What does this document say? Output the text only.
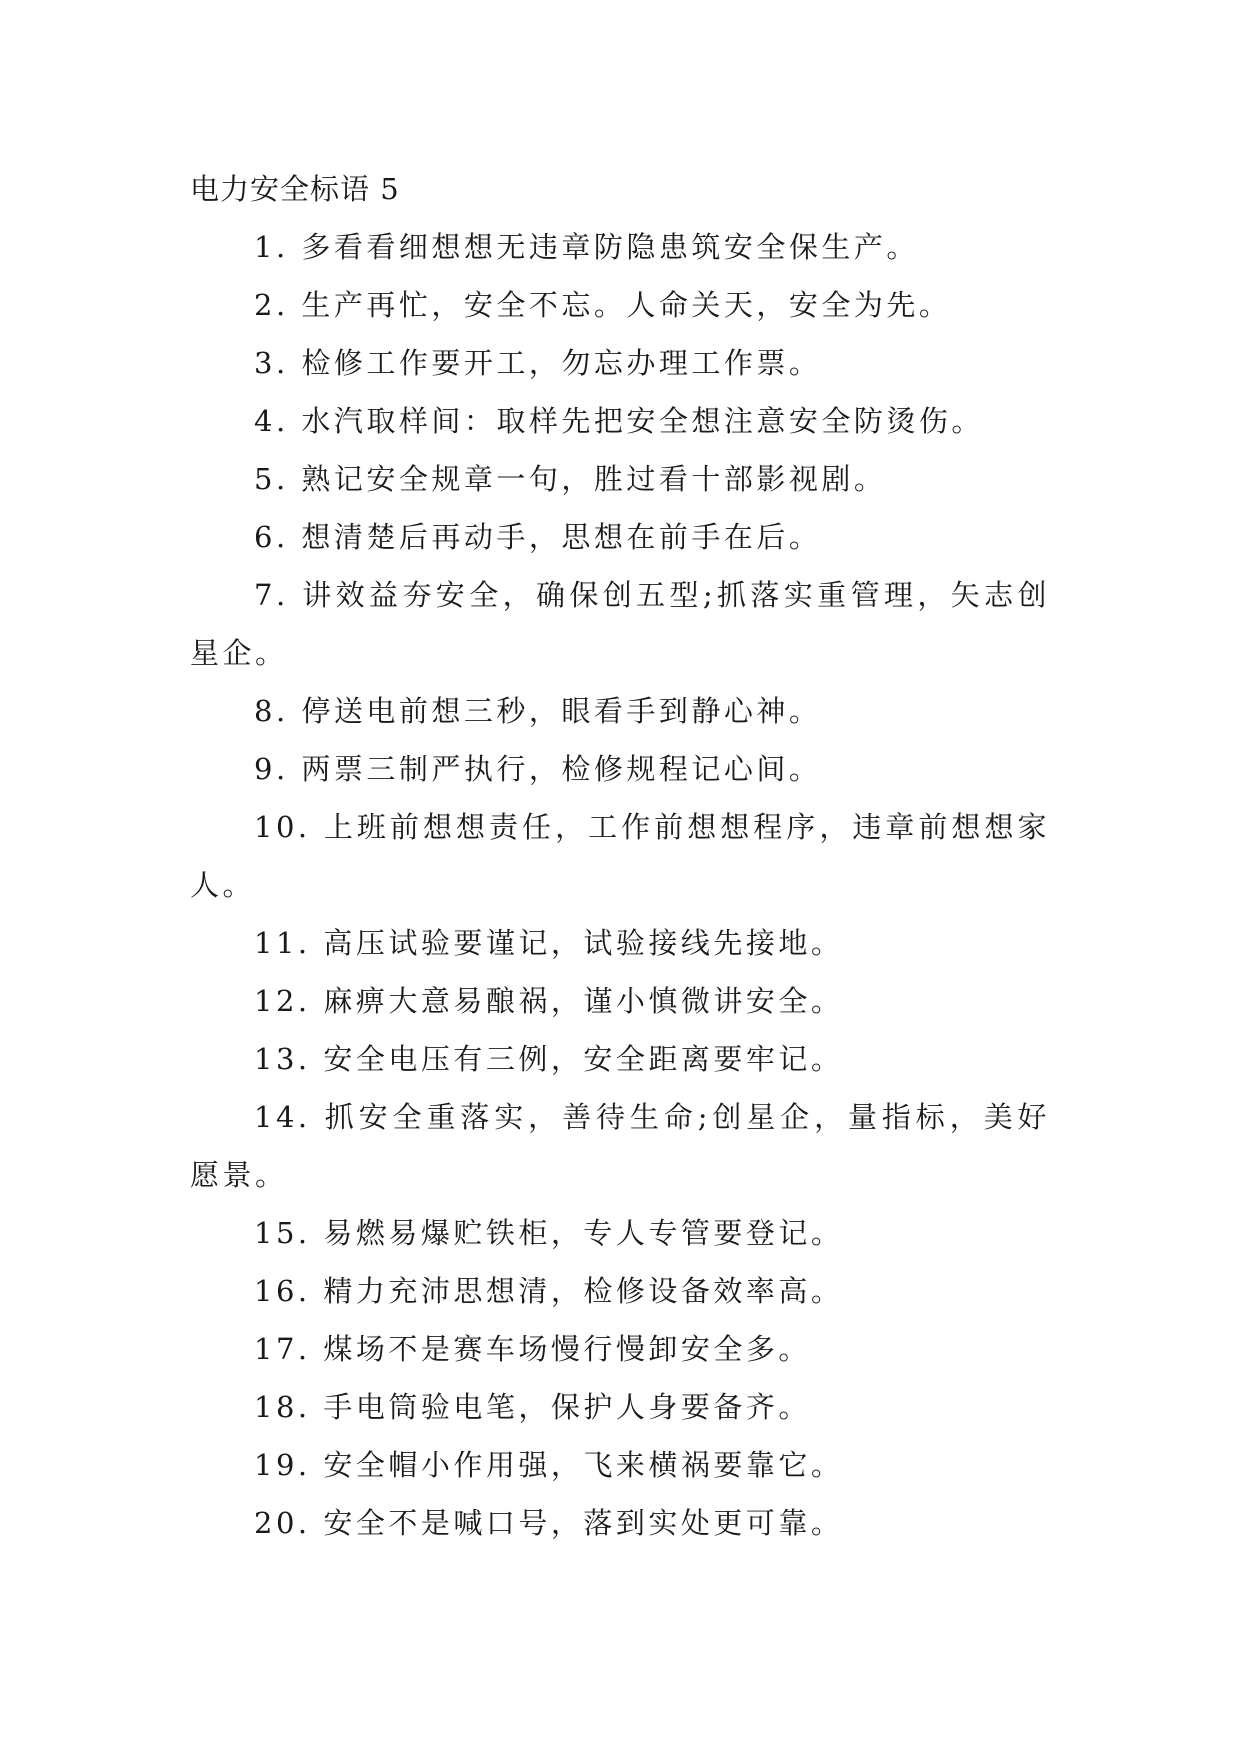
电力安全标语 5
1. 多看看细想想无违章防隐患筑安全保生产。
2. 生产再忙，安全不忘。人命关天，安全为先。
3. 检修工作要开工，勿忘办理工作票。
4. 水汽取样间：取样先把安全想注意安全防烫伤。
5. 熟记安全规章一句，胜过看十部影视剧。
6. 想清楚后再动手，思想在前手在后。
7. 讲效益夯安全，确保创五型;抓落实重管理，矢志创星企。
8. 停送电前想三秒，眼看手到静心神。
9. 两票三制严执行，检修规程记心间。
10. 上班前想想责任，工作前想想程序，违章前想想家人。
11. 高压试验要谨记，试验接线先接地。
12. 麻痹大意易酿祸，谨小慎微讲安全。
13. 安全电压有三例，安全距离要牢记。
14. 抓安全重落实，善待生命;创星企，量指标，美好愿景。
15. 易燃易爆贮铁柜，专人专管要登记。
16. 精力充沛思想清，检修设备效率高。
17. 煤场不是赛车场慢行慢卸安全多。
18. 手电筒验电笔，保护人身要备齐。
19. 安全帽小作用强，飞来横祸要靠它。
20. 安全不是喊口号，落到实处更可靠。
